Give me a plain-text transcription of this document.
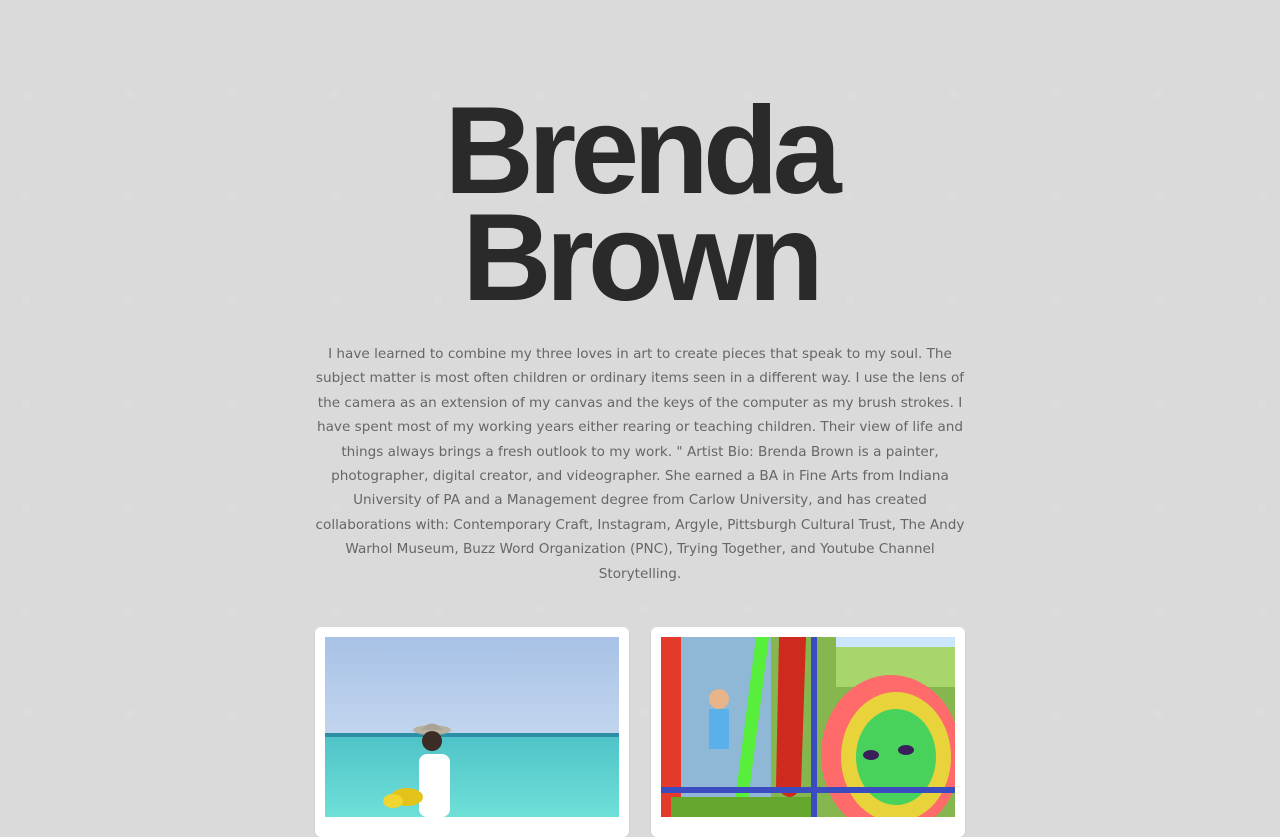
Brenda
Brown

I have learned to combine my three loves in art to create pieces that speak to my soul. The subject matter is most often children or ordinary items seen in a different way. I use the lens of the camera as an extension of my canvas and the keys of the computer as my brush strokes. I have spent most of my working years either rearing or teaching children. Their view of life and things always brings a fresh outlook to my work. " Artist Bio: Brenda Brown is a painter, photographer, digital creator, and videographer. She earned a BA in Fine Arts from Indiana University of PA and a Management degree from Carlow University, and has created collaborations with: Contemporary Craft, Instagram, Argyle, Pittsburgh Cultural Trust, The Andy Warhol Museum, Buzz Word Organization (PNC), Trying Together, and Youtube Channel Storytelling.
